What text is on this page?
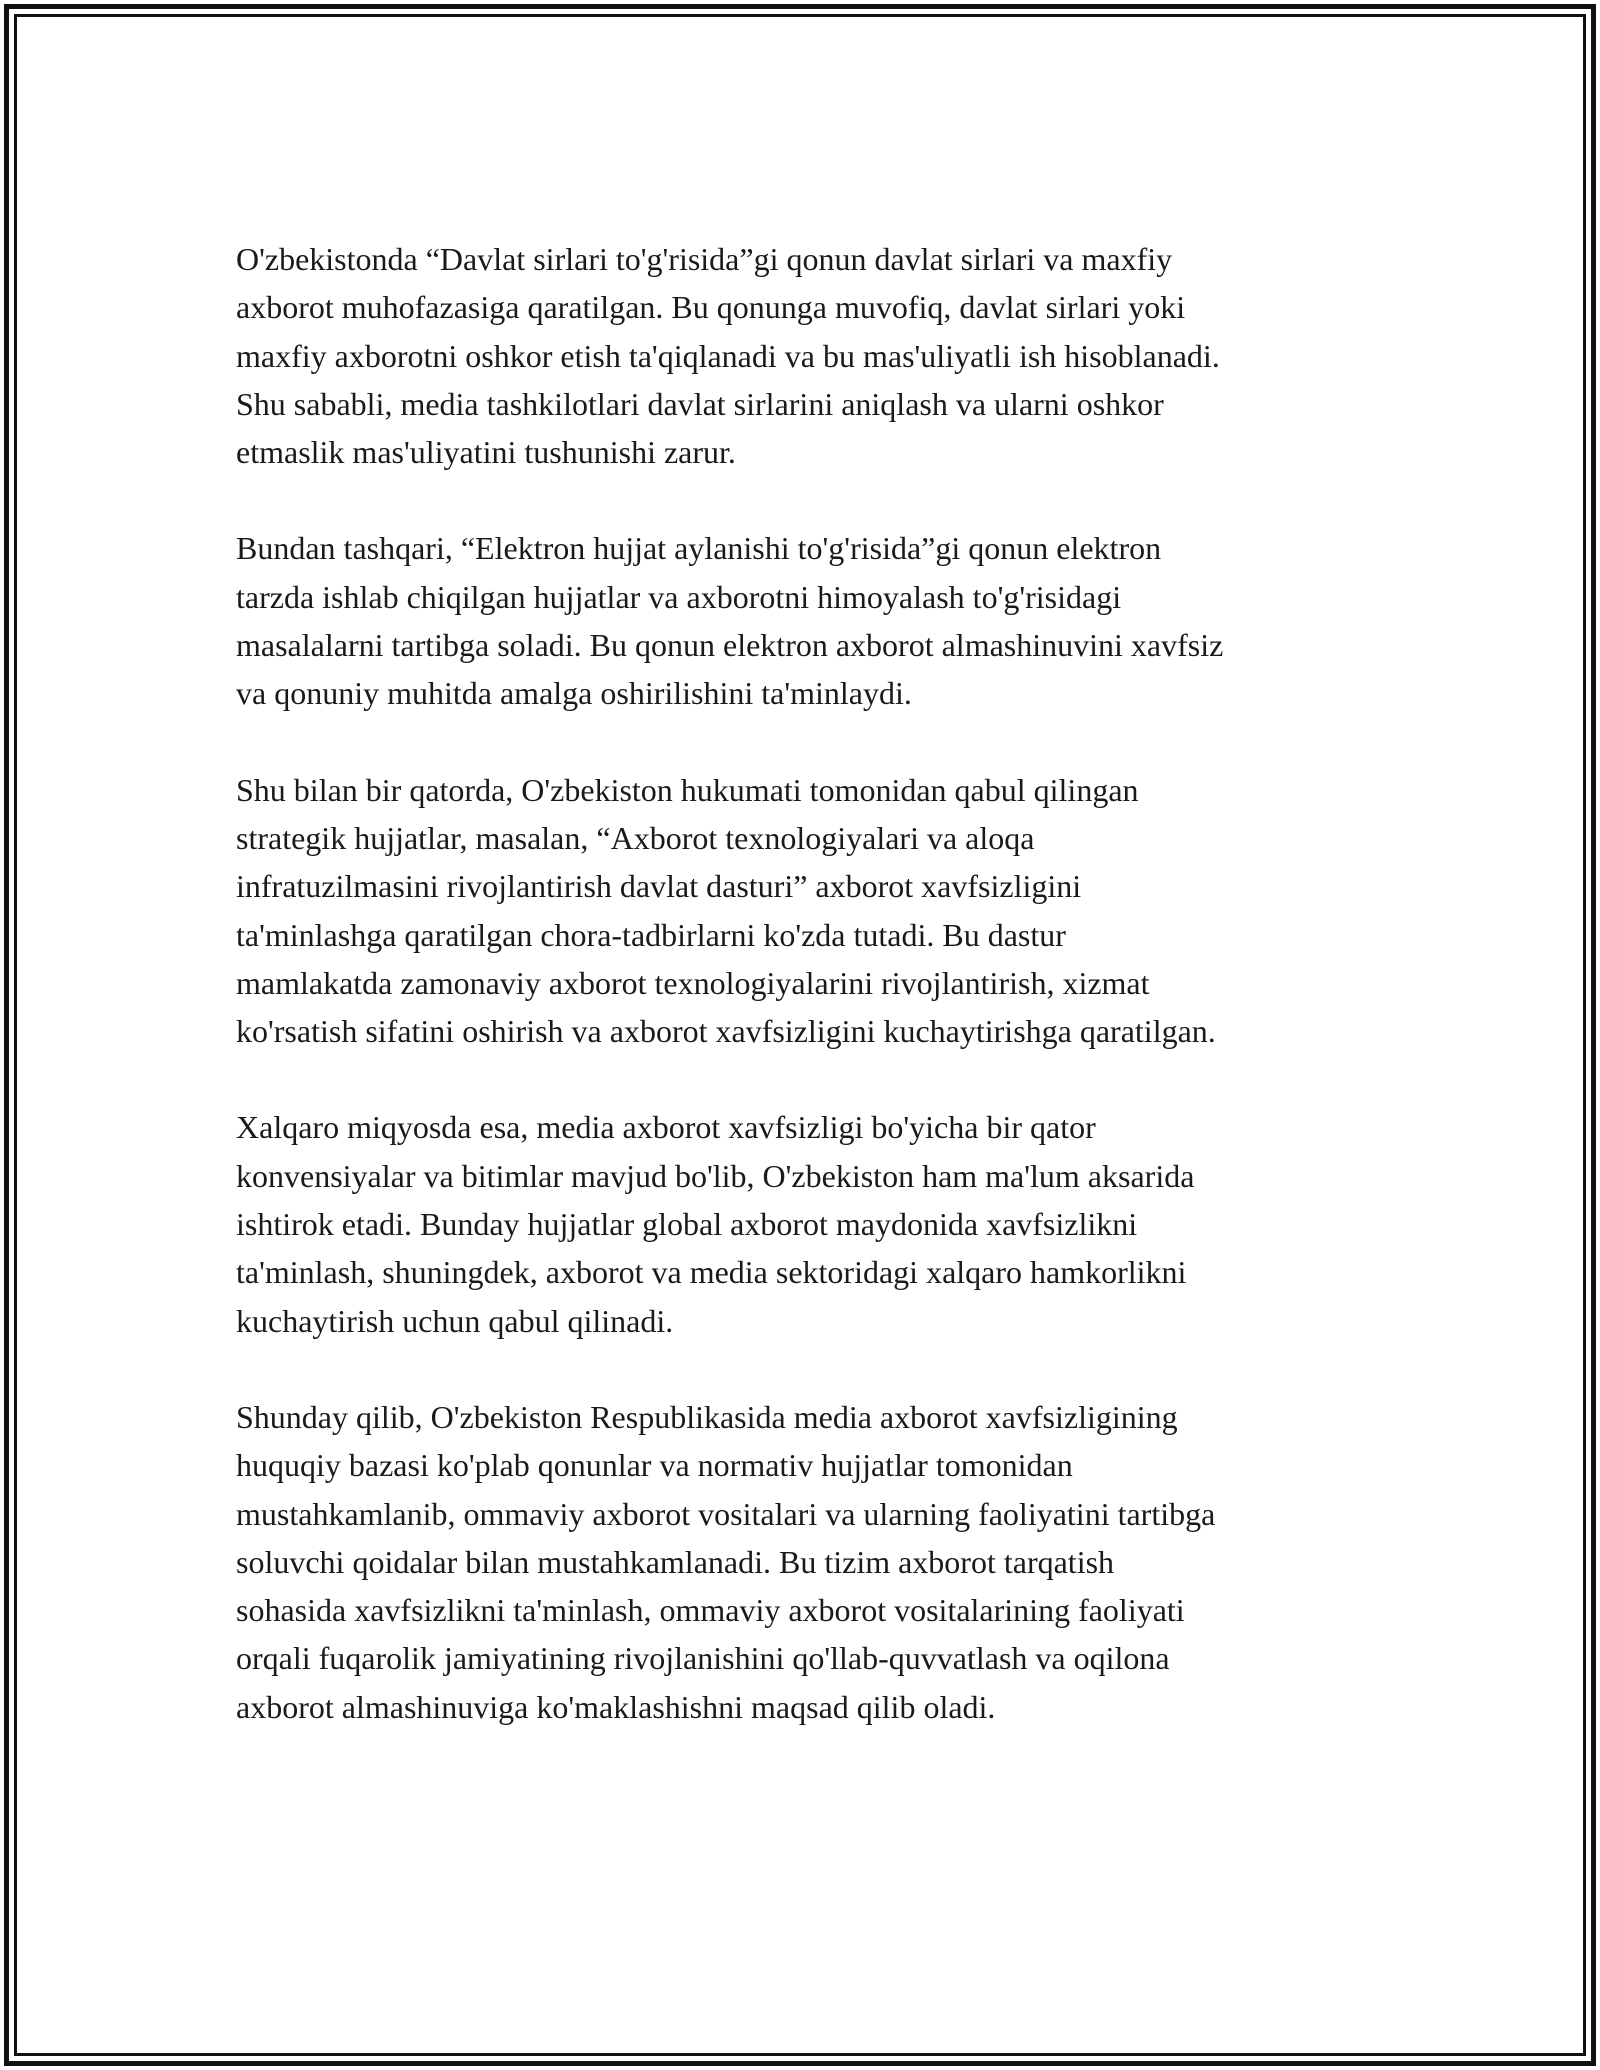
O'zbekistonda “Davlat sirlari to'g'risida”gi qonun davlat sirlari va maxfiy
axborot muhofazasiga qaratilgan. Bu qonunga muvofiq, davlat sirlari yoki
maxfiy axborotni oshkor etish ta'qiqlanadi va bu mas'uliyatli ish hisoblanadi.
Shu sababli, media tashkilotlari davlat sirlarini aniqlash va ularni oshkor
etmaslik mas'uliyatini tushunishi zarur.

Bundan tashqari, “Elektron hujjat aylanishi to'g'risida”gi qonun elektron
tarzda ishlab chiqilgan hujjatlar va axborotni himoyalash to'g'risidagi
masalalarni tartibga soladi. Bu qonun elektron axborot almashinuvini xavfsiz
va qonuniy muhitda amalga oshirilishini ta'minlaydi.

Shu bilan bir qatorda, O'zbekiston hukumati tomonidan qabul qilingan
strategik hujjatlar, masalan, “Axborot texnologiyalari va aloqa
infratuzilmasini rivojlantirish davlat dasturi” axborot xavfsizligini
ta'minlashga qaratilgan chora-tadbirlarni ko'zda tutadi. Bu dastur
mamlakatda zamonaviy axborot texnologiyalarini rivojlantirish, xizmat
ko'rsatish sifatini oshirish va axborot xavfsizligini kuchaytirishga qaratilgan.

Xalqaro miqyosda esa, media axborot xavfsizligi bo'yicha bir qator
konvensiyalar va bitimlar mavjud bo'lib, O'zbekiston ham ma'lum aksarida
ishtirok etadi. Bunday hujjatlar global axborot maydonida xavfsizlikni
ta'minlash, shuningdek, axborot va media sektoridagi xalqaro hamkorlikni
kuchaytirish uchun qabul qilinadi.

Shunday qilib, O'zbekiston Respublikasida media axborot xavfsizligining
huquqiy bazasi ko'plab qonunlar va normativ hujjatlar tomonidan
mustahkamlanib, ommaviy axborot vositalari va ularning faoliyatini tartibga
soluvchi qoidalar bilan mustahkamlanadi. Bu tizim axborot tarqatish
sohasida xavfsizlikni ta'minlash, ommaviy axborot vositalarining faoliyati
orqali fuqarolik jamiyatining rivojlanishini qo'llab-quvvatlash va oqilona
axborot almashinuviga ko'maklashishni maqsad qilib oladi.
